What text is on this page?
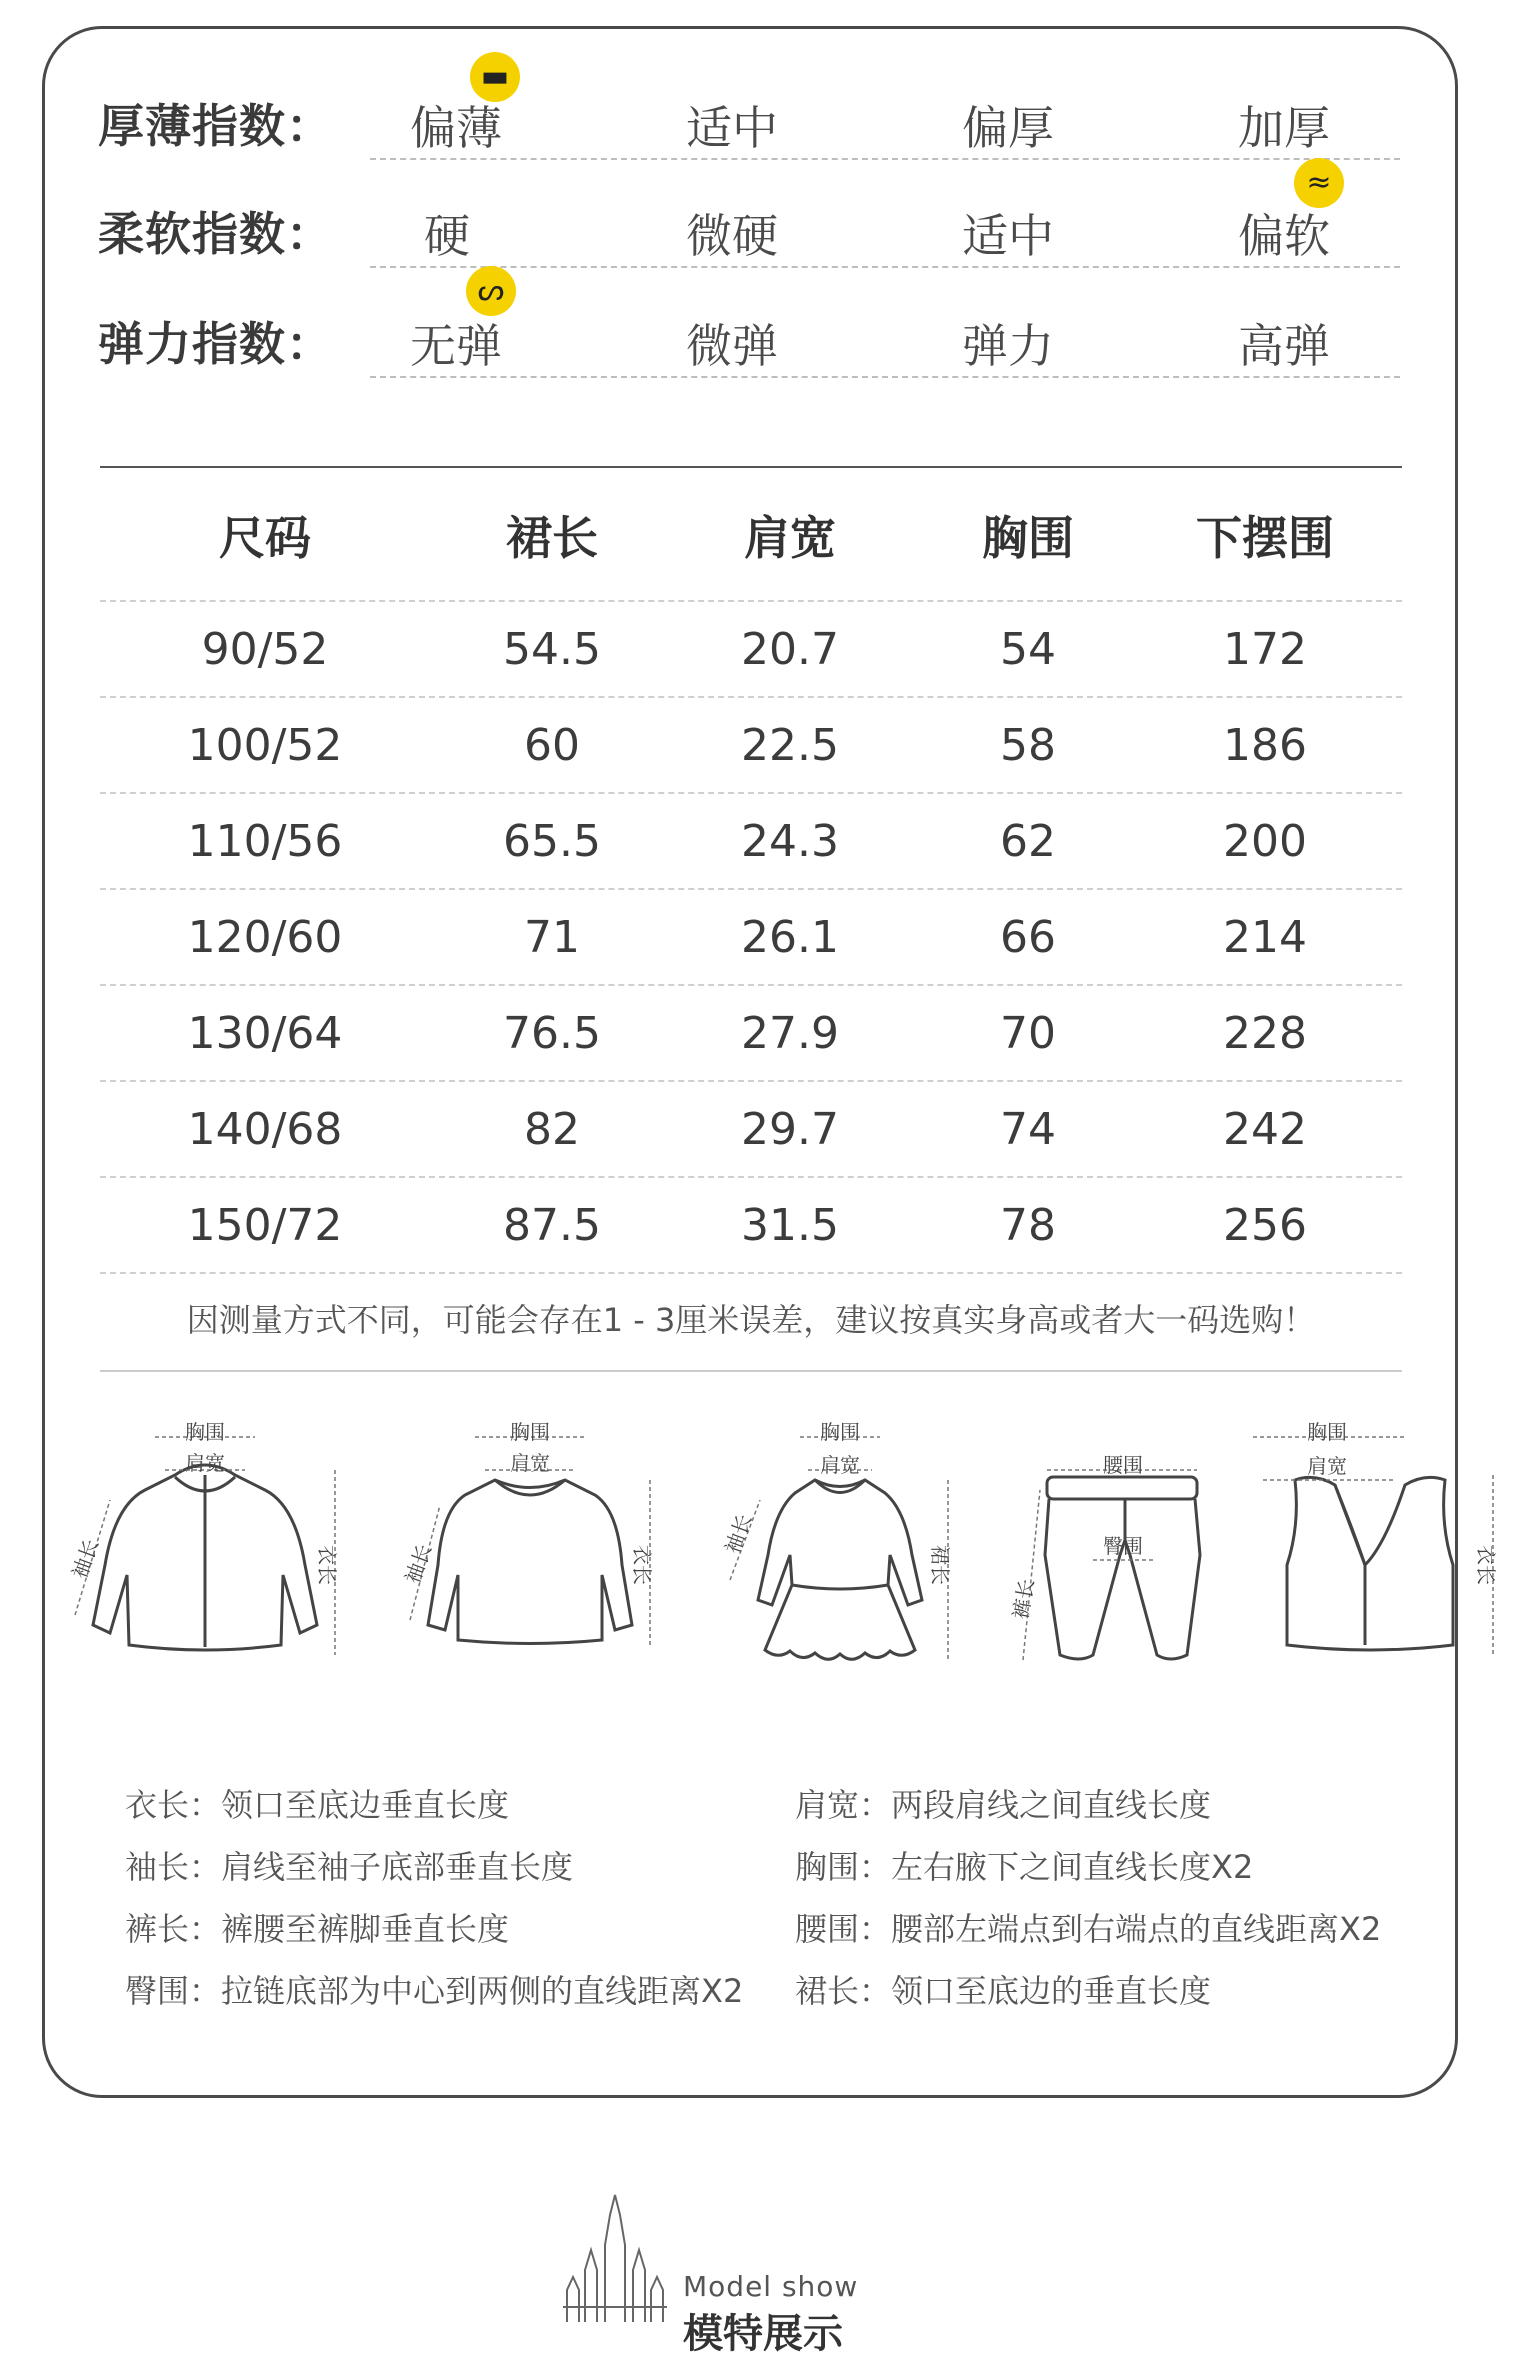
厚薄指数： 偏薄	适中	偏厚	加厚
▬
柔软指数： 硬	微硬	适中	偏软
≈
弹力指数： 无弹	微弹	弹力	高弹
ᔕ
尺码	裙长	肩宽	胸围	下摆围
90/52	54.5	20.7	54	172
100/52	60	22.5	58	186
110/56	65.5	24.3	62	200
120/60	71	26.1	66	214
130/64	76.5	27.9	70	228
140/68	82	29.7	74	242
150/72	87.5	31.5	78	256
因测量方式不同，可能会存在1 - 3厘米误差，建议按真实身高或者大一码选购！
胸围
肩宽
袖长	衣长
胸围
肩宽
袖长	衣长
胸围
肩宽
袖长
裙长
腰围
臀围
裤长
胸围
肩宽
衣长
衣长：领口至底边垂直长度
袖长：肩线至袖子底部垂直长度
裤长：裤腰至裤脚垂直长度
臀围：拉链底部为中心到两侧的直线距离X2
肩宽：两段肩线之间直线长度
胸围：左右腋下之间直线长度X2
腰围：腰部左端点到右端点的直线距离X2
裙长：领口至底边的垂直长度
Model show
模特展示
